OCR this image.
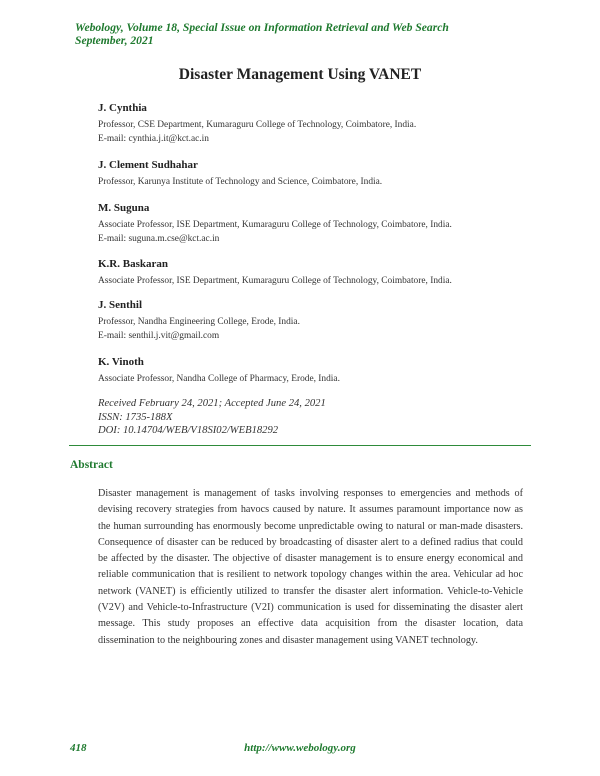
Webology, Volume 18, Special Issue on Information Retrieval and Web Search
September, 2021
Disaster Management Using VANET
J. Cynthia
Professor, CSE Department, Kumaraguru College of Technology, Coimbatore, India.
E-mail: cynthia.j.it@kct.ac.in
J. Clement Sudhahar
Professor, Karunya Institute of Technology and Science, Coimbatore, India.
M. Suguna
Associate Professor, ISE Department, Kumaraguru College of Technology, Coimbatore, India.
E-mail: suguna.m.cse@kct.ac.in
K.R. Baskaran
Associate Professor, ISE Department, Kumaraguru College of Technology, Coimbatore, India.
J. Senthil
Professor, Nandha Engineering College, Erode, India.
E-mail: senthil.j.vit@gmail.com
K. Vinoth
Associate Professor, Nandha College of Pharmacy, Erode, India.
Received February 24, 2021; Accepted June 24, 2021
ISSN: 1735-188X
DOI: 10.14704/WEB/V18SI02/WEB18292
Abstract
Disaster management is management of tasks involving responses to emergencies and methods of devising recovery strategies from havocs caused by nature. It assumes paramount importance now as the human surrounding has enormously become unpredictable owing to natural or man-made disasters. Consequence of disaster can be reduced by broadcasting of disaster alert to a defined radius that could be affected by the disaster. The objective of disaster management is to ensure energy economical and reliable communication that is resilient to network topology changes within the area. Vehicular ad hoc network (VANET) is efficiently utilized to transfer the disaster alert information. Vehicle-to-Vehicle (V2V) and Vehicle-to-Infrastructure (V2I) communication is used for disseminating the disaster alert message. This study proposes an effective data acquisition from the disaster location, data dissemination to the neighbouring zones and disaster management using VANET technology.
418	http://www.webology.org
